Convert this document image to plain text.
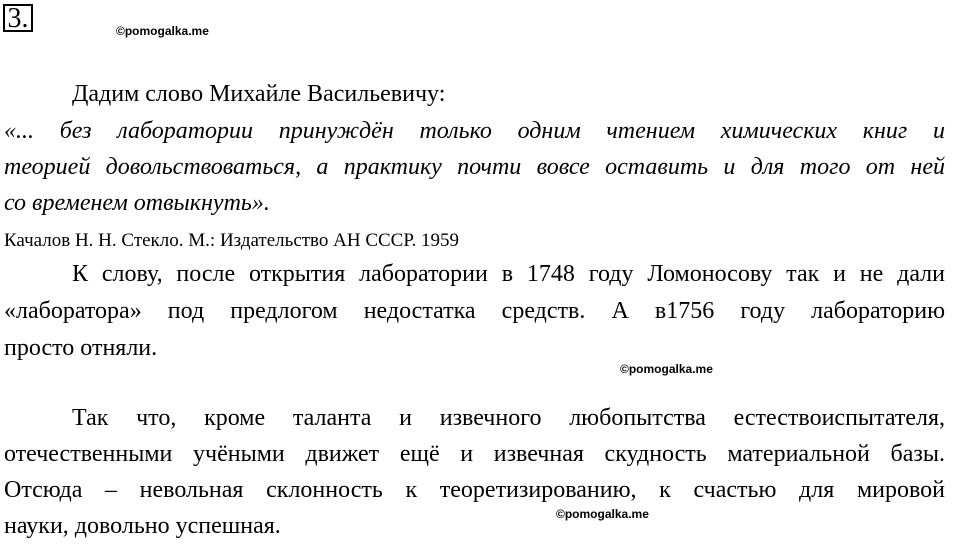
3.	©pomogalka.me
Дадим слово Михайле Васильевичу:
«... без лаборатории принуждён только одним чтением химических книг и
теорией довольствоваться, а практику почти вовсе оставить и для того от ней
со временем отвыкнуть».
Качалов Н. Н. Стекло. М.: Издательство АН СССР. 1959
К слову, после открытия лаборатории в 1748 году Ломоносову так и не дали
«лаборатора» под предлогом недостатка средств. А в1756 году лабораторию
просто отняли.
©pomogalka.me
Так что, кроме таланта и извечного любопытства естествоиспытателя,
отечественными учёными движет ещё и извечная скудность материальной базы.
Отсюда – невольная склонность к теоретизированию, к счастью для мировой
науки, довольно успешная.	©pomogalka.me
